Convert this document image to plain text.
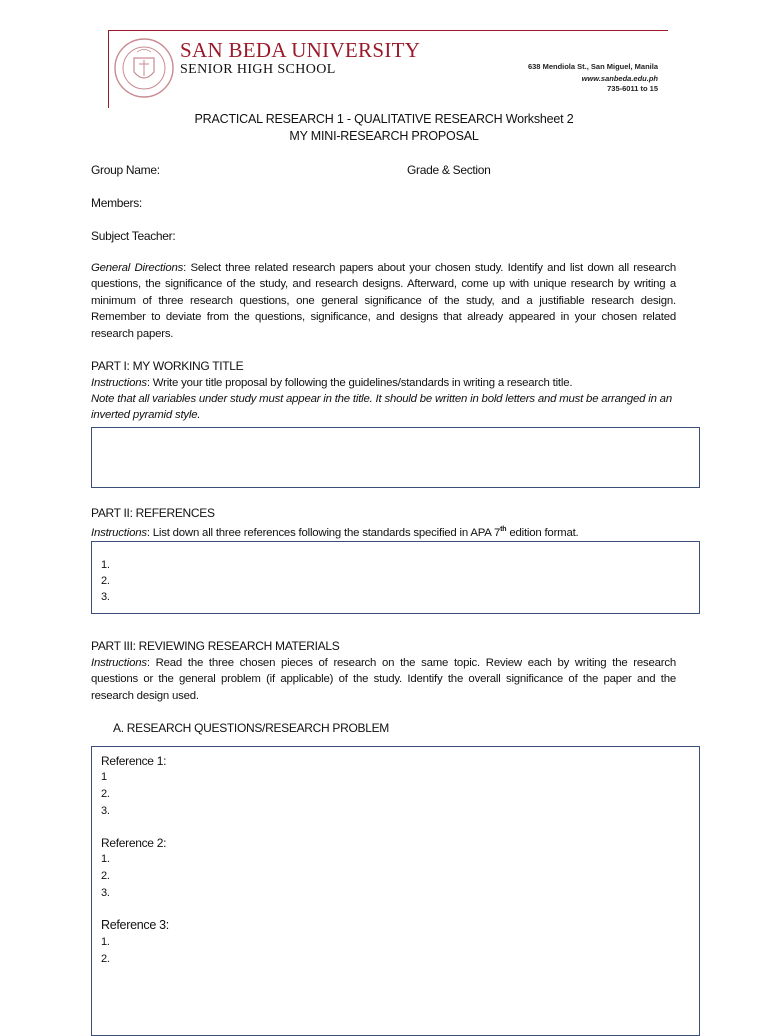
SAN BEDA UNIVERSITY
SENIOR HIGH SCHOOL	638 Mendiola St., San Miguel, Manila
www.sanbeda.edu.ph
735-6011 to 15
PRACTICAL RESEARCH 1 - QUALITATIVE RESEARCH Worksheet 2
MY MINI-RESEARCH PROPOSAL
Group Name:	Grade & Section
Members:
Subject Teacher:
General Directions: Select three related research papers about your chosen study. Identify and list down all research questions, the significance of the study, and research designs. Afterward, come up with unique research by writing a minimum of three research questions, one general significance of the study, and a justifiable research design. Remember to deviate from the questions, significance, and designs that already appeared in your chosen related research papers.
PART I: MY WORKING TITLE
Instructions: Write your title proposal by following the guidelines/standards in writing a research title.
Note that all variables under study must appear in the title. It should be written in bold letters and must be arranged in an inverted pyramid style.
PART II: REFERENCES
Instructions: List down all three references following the standards specified in APA 7th edition format.
1.
2.
3.
PART III: REVIEWING RESEARCH MATERIALS
Instructions: Read the three chosen pieces of research on the same topic. Review each by writing the research questions or the general problem (if applicable) of the study. Identify the overall significance of the paper and the research design used.
A. RESEARCH QUESTIONS/RESEARCH PROBLEM
Reference 1:
1
2.
3.
Reference 2:
1.
2.
3.
Reference 3:
1.
2.
